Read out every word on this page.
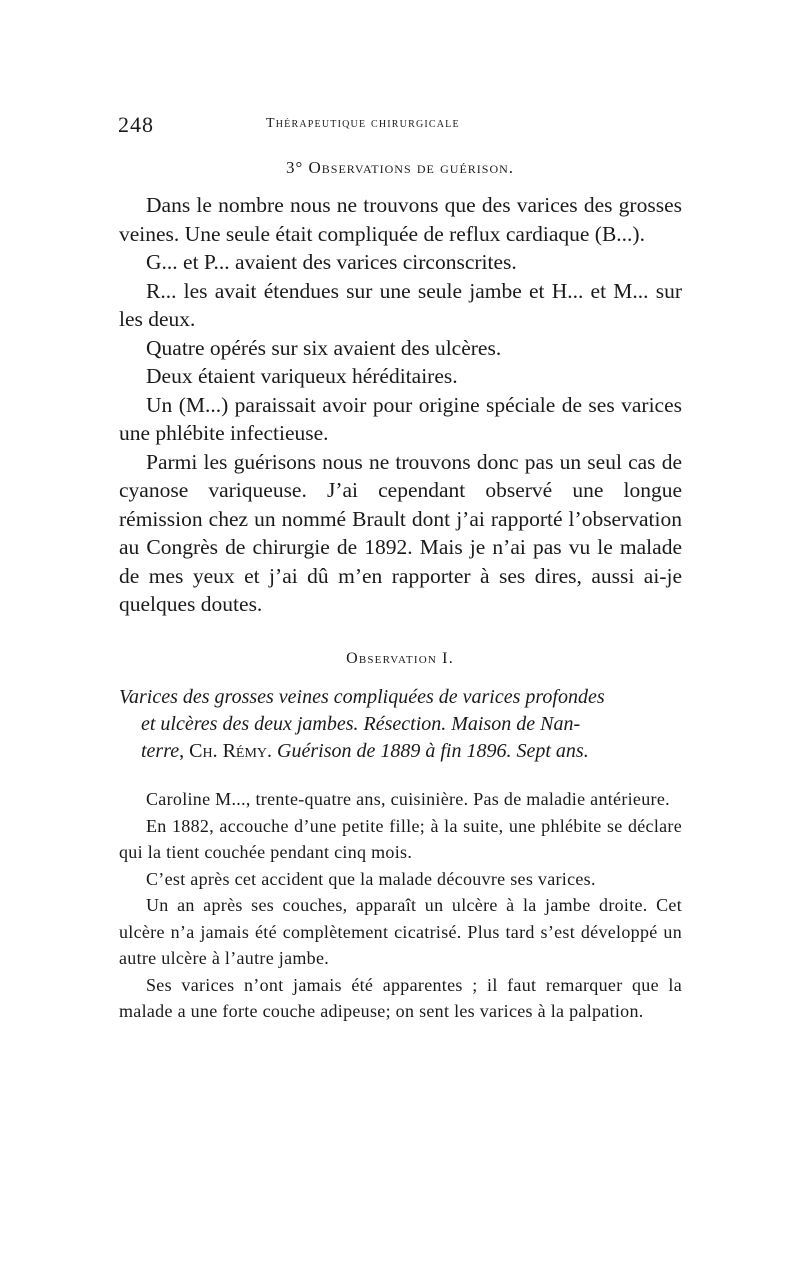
248	Thérapeutique chirurgicale
3° Observations de guérison.

Dans le nombre nous ne trouvons que des varices des grosses veines. Une seule était compliquée de reflux cardiaque (B...).

G... et P... avaient des varices circonscrites.

R... les avait étendues sur une seule jambe et H... et M... sur les deux.

Quatre opérés sur six avaient des ulcères.

Deux étaient variqueux héréditaires.

Un (M...) paraissait avoir pour origine spéciale de ses varices une phlébite infectieuse.

Parmi les guérisons nous ne trouvons donc pas un seul cas de cyanose variqueuse. J’ai cependant observé une longue rémission chez un nommé Brault dont j’ai rapporté l’observation au Congrès de chirurgie de 1892. Mais je n’ai pas vu le malade de mes yeux et j’ai dû m’en rapporter à ses dires, aussi ai-je quelques doutes.

Observation I.
Varices des grosses veines compliquées de varices profondes
et ulcères des deux jambes. Résection. Maison de Nan-
terre, Ch. Rémy. Guérison de 1889 à fin 1896. Sept ans.

Caroline M..., trente-quatre ans, cuisinière. Pas de maladie antérieure.

En 1882, accouche d’une petite fille; à la suite, une phlébite se déclare qui la tient couchée pendant cinq mois.

C’est après cet accident que la malade découvre ses varices.

Un an après ses couches, apparaît un ulcère à la jambe droite. Cet ulcère n’a jamais été complètement cicatrisé. Plus tard s’est développé un autre ulcère à l’autre jambe.

Ses varices n’ont jamais été apparentes ; il faut remarquer que la malade a une forte couche adipeuse; on sent les varices à la palpation.
